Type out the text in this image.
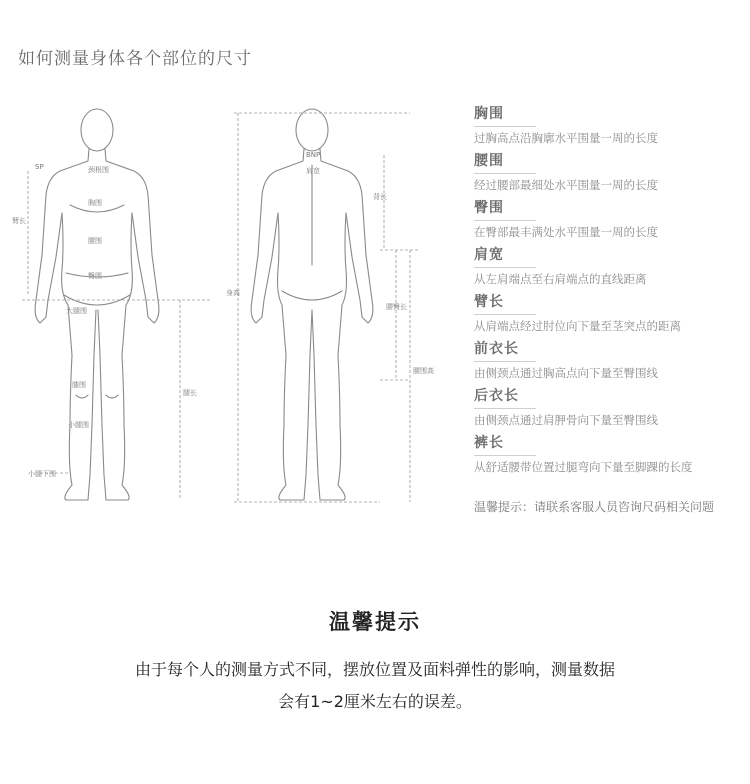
如何测量身体各个部位的尺寸
SP	颈根围
胸围
臂长
腰围
臀围
大腿围
膝围
小腿围
小腿下围
腿长
BNP
肩宽
背长
身高
腰臀长
腰围高
胸围
过胸高点沿胸廓水平围量一周的长度
腰围
经过腰部最细处水平围量一周的长度
臀围
在臀部最丰满处水平围量一周的长度
肩宽
从左肩端点至右肩端点的直线距离
臂长
从肩端点经过肘位向下量至茎突点的距离
前衣长
由侧颈点通过胸高点向下量至臀围线
后衣长
由侧颈点通过肩胛骨向下量至臀围线
裤长
从舒适腰带位置过腿弯向下量至脚踝的长度
温馨提示：请联系客服人员咨询尺码相关问题
温馨提示
由于每个人的测量方式不同，摆放位置及面料弹性的影响，测量数据
会有1~2厘米左右的误差。
